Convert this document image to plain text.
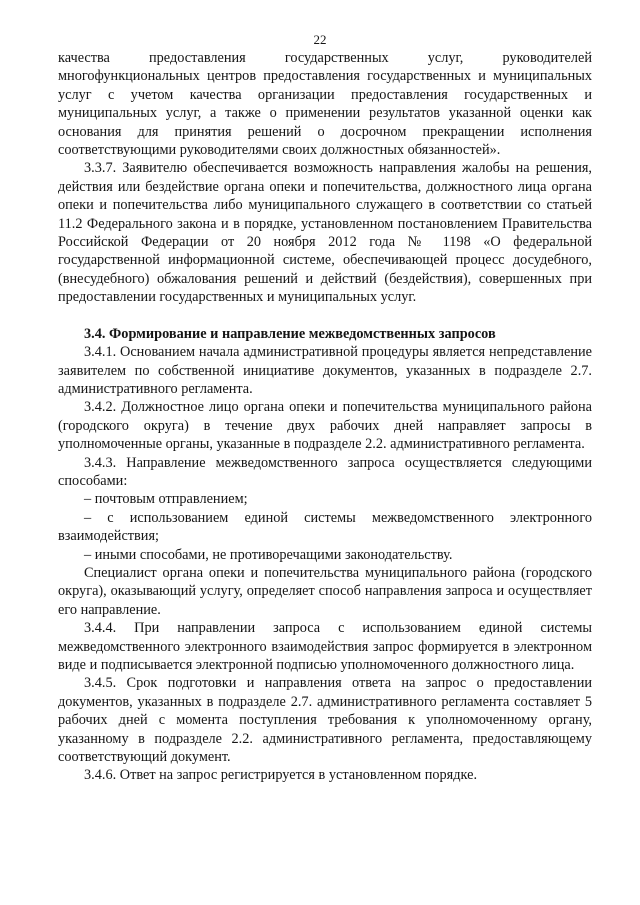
22

качества предоставления государственных услуг, руководителей многофункциональных центров предоставления государственных и муниципальных услуг с учетом качества организации предоставления государственных и муниципальных услуг, а также о применении результатов указанной оценки как основания для принятия решений о досрочном прекращении исполнения соответствующими руководителями своих должностных обязанностей».

3.3.7. Заявителю обеспечивается возможность направления жалобы на решения, действия или бездействие органа опеки и попечительства, должностного лица органа опеки и попечительства либо муниципального служащего в соответствии со статьей 11.2 Федерального закона и в порядке, установленном постановлением Правительства Российской Федерации от 20 ноября 2012 года № 1198 «О федеральной государственной информационной системе, обеспечивающей процесс досудебного, (внесудебного) обжалования решений и действий (бездействия), совершенных при предоставлении государственных и муниципальных услуг.

3.4. Формирование и направление межведомственных запросов

3.4.1. Основанием начала административной процедуры является непредставление заявителем по собственной инициативе документов, указанных в подразделе 2.7. административного регламента.

3.4.2. Должностное лицо органа опеки и попечительства муниципального района (городского округа) в течение двух рабочих дней направляет запросы в уполномоченные органы, указанные в подразделе 2.2. административного регламента.

3.4.3. Направление межведомственного запроса осуществляется следующими способами:

– почтовым отправлением;

– с использованием единой системы межведомственного электронного взаимодействия;

– иными способами, не противоречащими законодательству.

Специалист органа опеки и попечительства муниципального района (городского округа), оказывающий услугу, определяет способ направления запроса и осуществляет его направление.

3.4.4. При направлении запроса с использованием единой системы межведомственного электронного взаимодействия запрос формируется в электронном виде и подписывается электронной подписью уполномоченного должностного лица.

3.4.5. Срок подготовки и направления ответа на запрос о предоставлении документов, указанных в подразделе 2.7. административного регламента составляет 5 рабочих дней с момента поступления требования к уполномоченному органу, указанному в подразделе 2.2. административного регламента, предоставляющему соответствующий документ.

3.4.6. Ответ на запрос регистрируется в установленном порядке.
